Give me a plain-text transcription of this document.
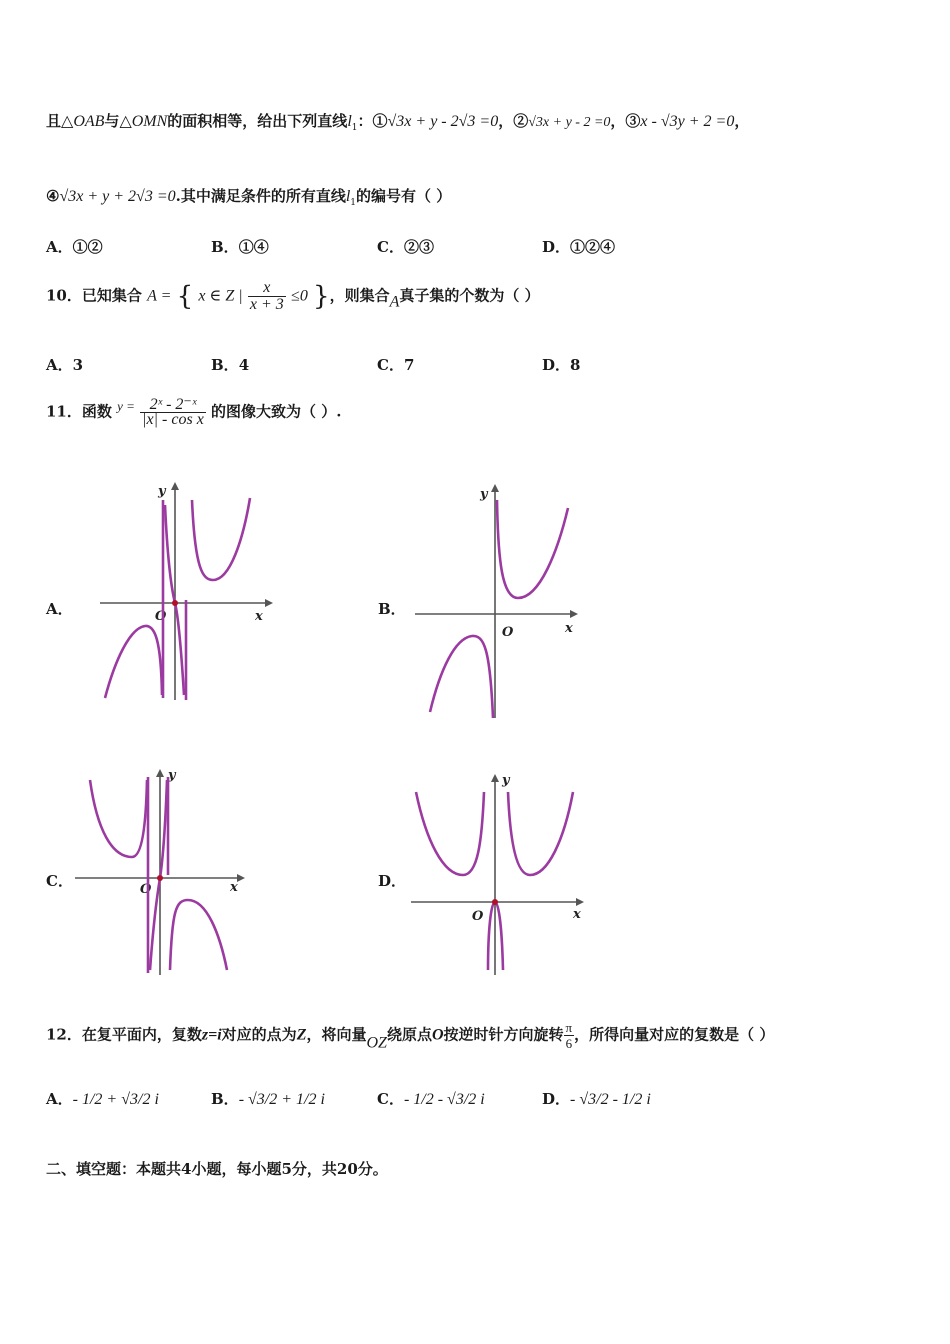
且△OAB与△OMN的面积相等，给出下列直线$l_1$：①√3x + y - 2√3 =0，②√3x + y - 2 =0，③x - √3y + 2 =0，
④√3x + y + 2√3 =0.其中满足条件的所有直线$l_1$的编号有（ ）
A．①②	B．①④	C．②③	D．①②④
10．已知集合 A = { x ∈ Z | $\frac{x}{x + 3} \le 0$ }，则集合A真子集的个数为（ ）
A．3	B．4	C．7	D．8
11．函数 $y = \frac{\text{2ˣ - 2⁻ˣ}}{\text{|x| - cos x}}$ 的图像大致为（ ）.
A．	x
y
O	B．
x
y
O
C．	x
y
O	D．
x
y
O
12．在复平面内，复数z=i对应的点为Z，将向量OZ绕原点O按逆时针方向旋转 $\frac{\pi}{6}$ ，所得向量对应的复数是（ ）
A．- 1/2 + √3/2 i	B．- √3/2 + 1/2 i	C．- 1/2 - √3/2 i	D．- √3/2 - 1/2 i
二、填空题：本题共4小题，每小题5分，共20分。
